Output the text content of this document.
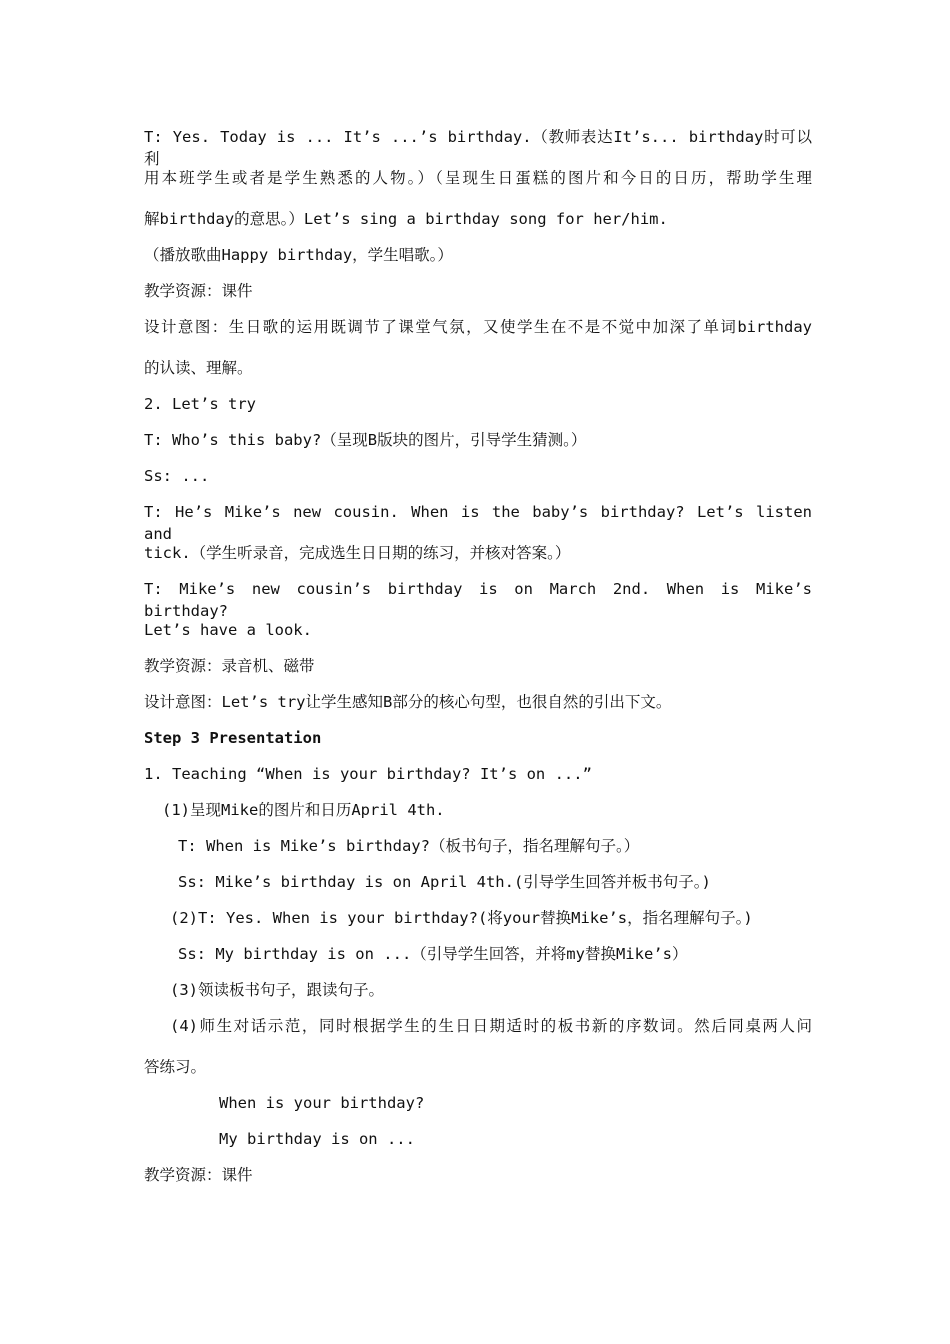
T: Yes. Today is ... It’s ...’s birthday.（教师表达It’s... birthday时可以利
用本班学生或者是学生熟悉的人物。）（呈现生日蛋糕的图片和今日的日历，帮助学生理
解birthday的意思。）Let’s sing a birthday song for her/him.
（播放歌曲Happy birthday，学生唱歌。）
教学资源：课件
设计意图：生日歌的运用既调节了课堂气氛，又使学生在不是不觉中加深了单词birthday
的认读、理解。
2. Let’s try
T: Who’s this baby?（呈现B版块的图片，引导学生猜测。）
Ss: ...
T: He’s Mike’s new cousin. When is the baby’s birthday? Let’s listen and
tick.（学生听录音，完成选生日日期的练习，并核对答案。）
T: Mike’s new cousin’s birthday is on March 2nd. When is Mike’s birthday?
Let’s have a look.
教学资源：录音机、磁带
设计意图：Let’s try让学生感知B部分的核心句型，也很自然的引出下文。
Step 3 Presentation
1. Teaching “When is your birthday? It’s on ...”
(1)呈现Mike的图片和日历April 4th.
T: When is Mike’s birthday?（板书句子，指名理解句子。）
Ss: Mike’s birthday is on April 4th.(引导学生回答并板书句子。)
(2)T: Yes. When is your birthday?(将your替换Mike’s，指名理解句子。)
Ss: My birthday is on ...（引导学生回答，并将my替换Mike’s）
(3)领读板书句子，跟读句子。
(4)师生对话示范，同时根据学生的生日日期适时的板书新的序数词。然后同桌两人问
答练习。
When is your birthday?
My birthday is on ...
教学资源：课件
